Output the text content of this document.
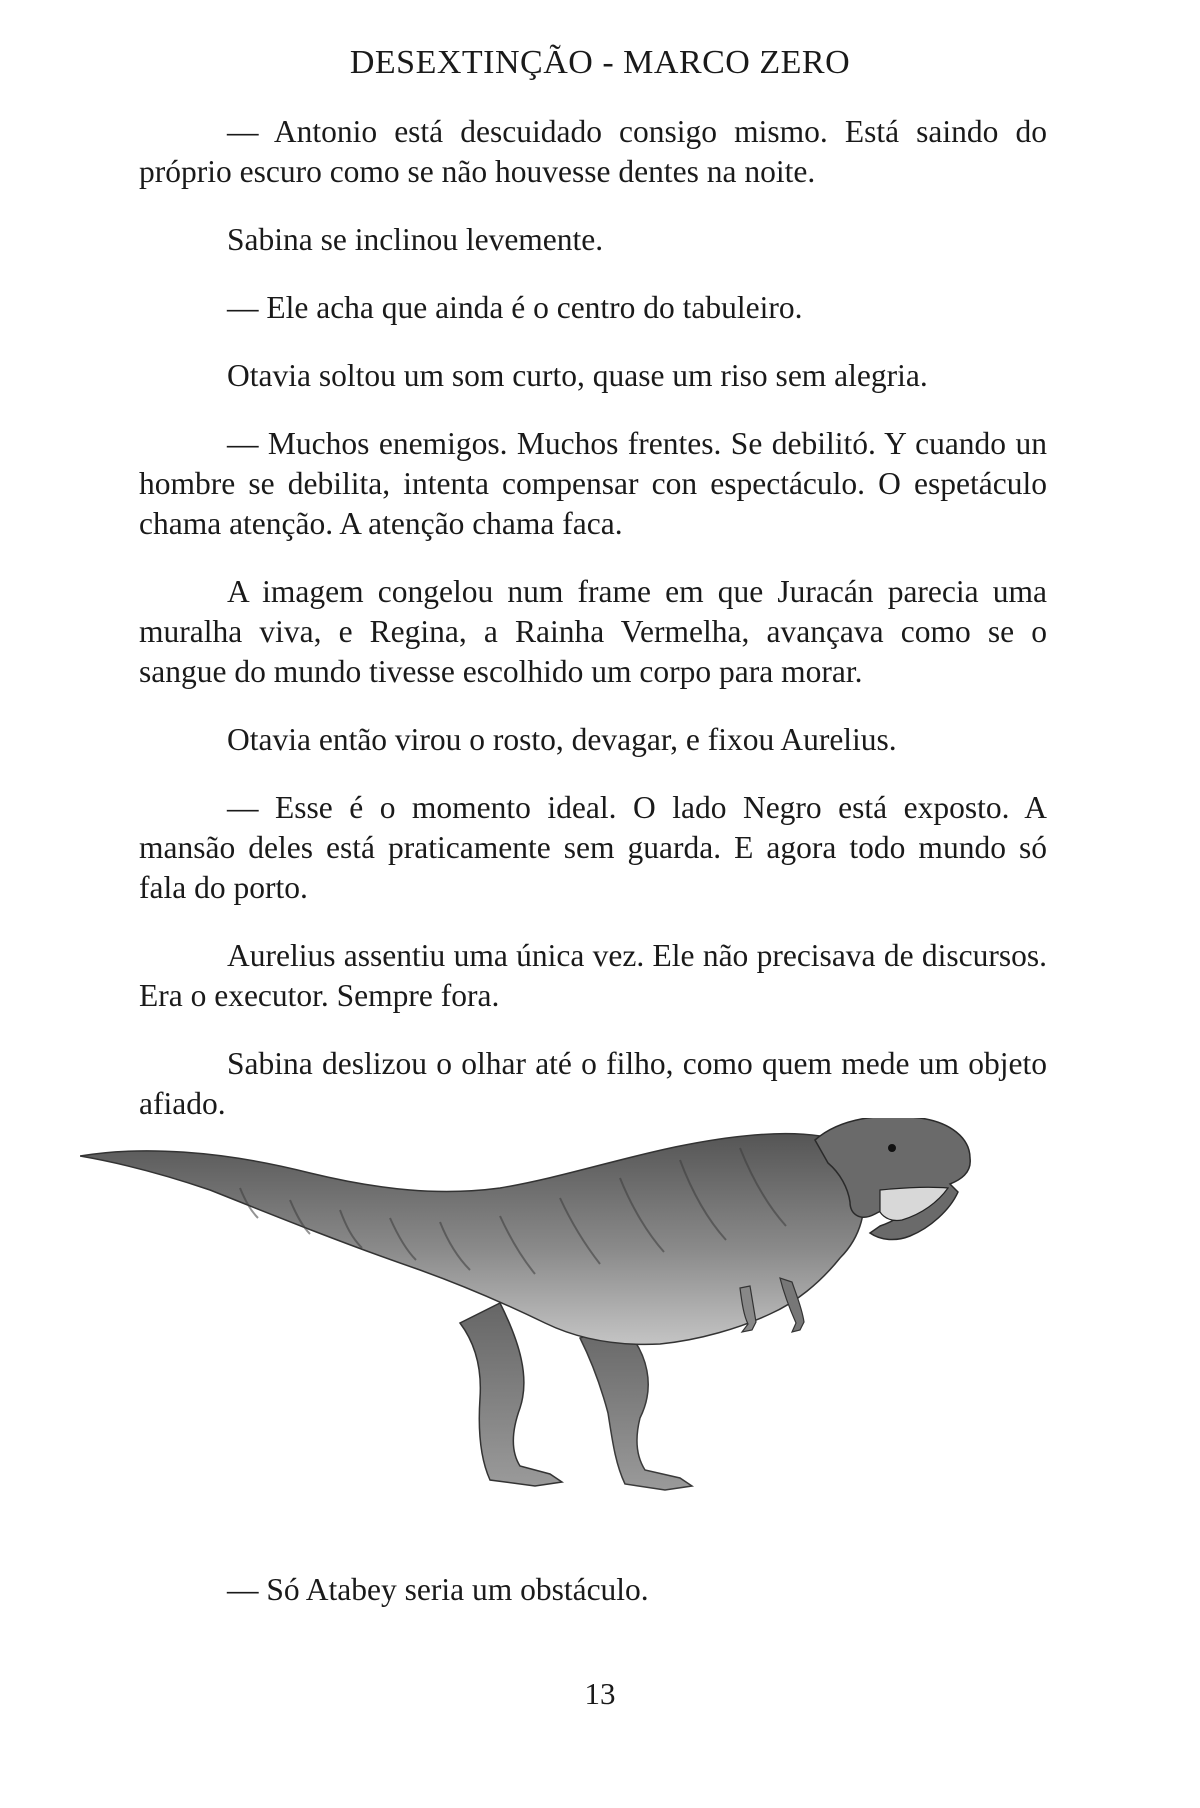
DESEXTINÇÃO - MARCO ZERO

— Antonio está descuidado consigo mismo. Está saindo do próprio escuro como se não houvesse dentes na noite.

Sabina se inclinou levemente.

— Ele acha que ainda é o centro do tabuleiro.

Otavia soltou um som curto, quase um riso sem alegria.

— Muchos enemigos. Muchos frentes. Se debilitó. Y cuando un hombre se debilita, intenta compensar con espectáculo. O espetáculo chama atenção. A atenção chama faca.

A imagem congelou num frame em que Juracán parecia uma muralha viva, e Regina, a Rainha Vermelha, avançava como se o sangue do mundo tivesse escolhido um corpo para morar.

Otavia então virou o rosto, devagar, e fixou Aurelius.

— Esse é o momento ideal. O lado Negro está exposto. A mansão deles está praticamente sem guarda. E agora todo mundo só fala do porto.

Aurelius assentiu uma única vez. Ele não precisava de discursos. Era o executor. Sempre fora.

Sabina deslizou o olhar até o filho, como quem mede um objeto afiado.

— Só Atabey seria um obstáculo.
13
